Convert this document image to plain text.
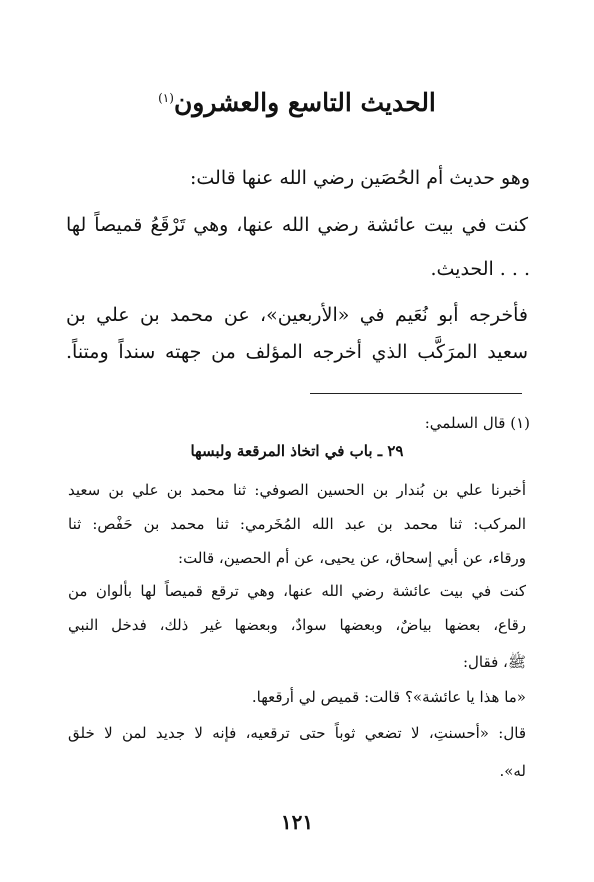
الحديث التاسع والعشرون$^{(١)}$
وهو حديث أم الحُصَين رضي الله عنها قالت:
كنت في بيت عائشة رضي الله عنها، وهي تَرْقَعُ قميصاً لها
. . . الحديث.
فأخرجه أبو نُعَيم في «الأربعين»، عن محمد بن علي بن
سعيد المرَكَّب الذي أخرجه المؤلف من جهته سنداً ومتناً.
(١) قال السلمي:
٢٩ ـ باب في اتخاذ المرقعة ولبسها
أخبرنا علي بن بُندار بن الحسين الصوفي: ثنا محمد بن علي بن سعيد
المركب: ثنا محمد بن عبد الله المُخَرمي: ثنا محمد بن حَفْص: ثنا
ورقاء، عن أبي إسحاق، عن يحيى، عن أم الحصين، قالت:
كنت في بيت عائشة رضي الله عنها، وهي ترقع قميصاً لها بألوان من
رقاع، بعضها بياضٌ، وبعضها سوادٌ، وبعضها غير ذلك، فدخل النبي
ﷺ، فقال:
«ما هذا يا عائشة»؟ قالت: قميص لي أرقعها.
قال: «أحسنتِ، لا تضعي ثوباً حتى ترقعيه، فإنه لا جديد لمن لا خلق
له».
١٢١
